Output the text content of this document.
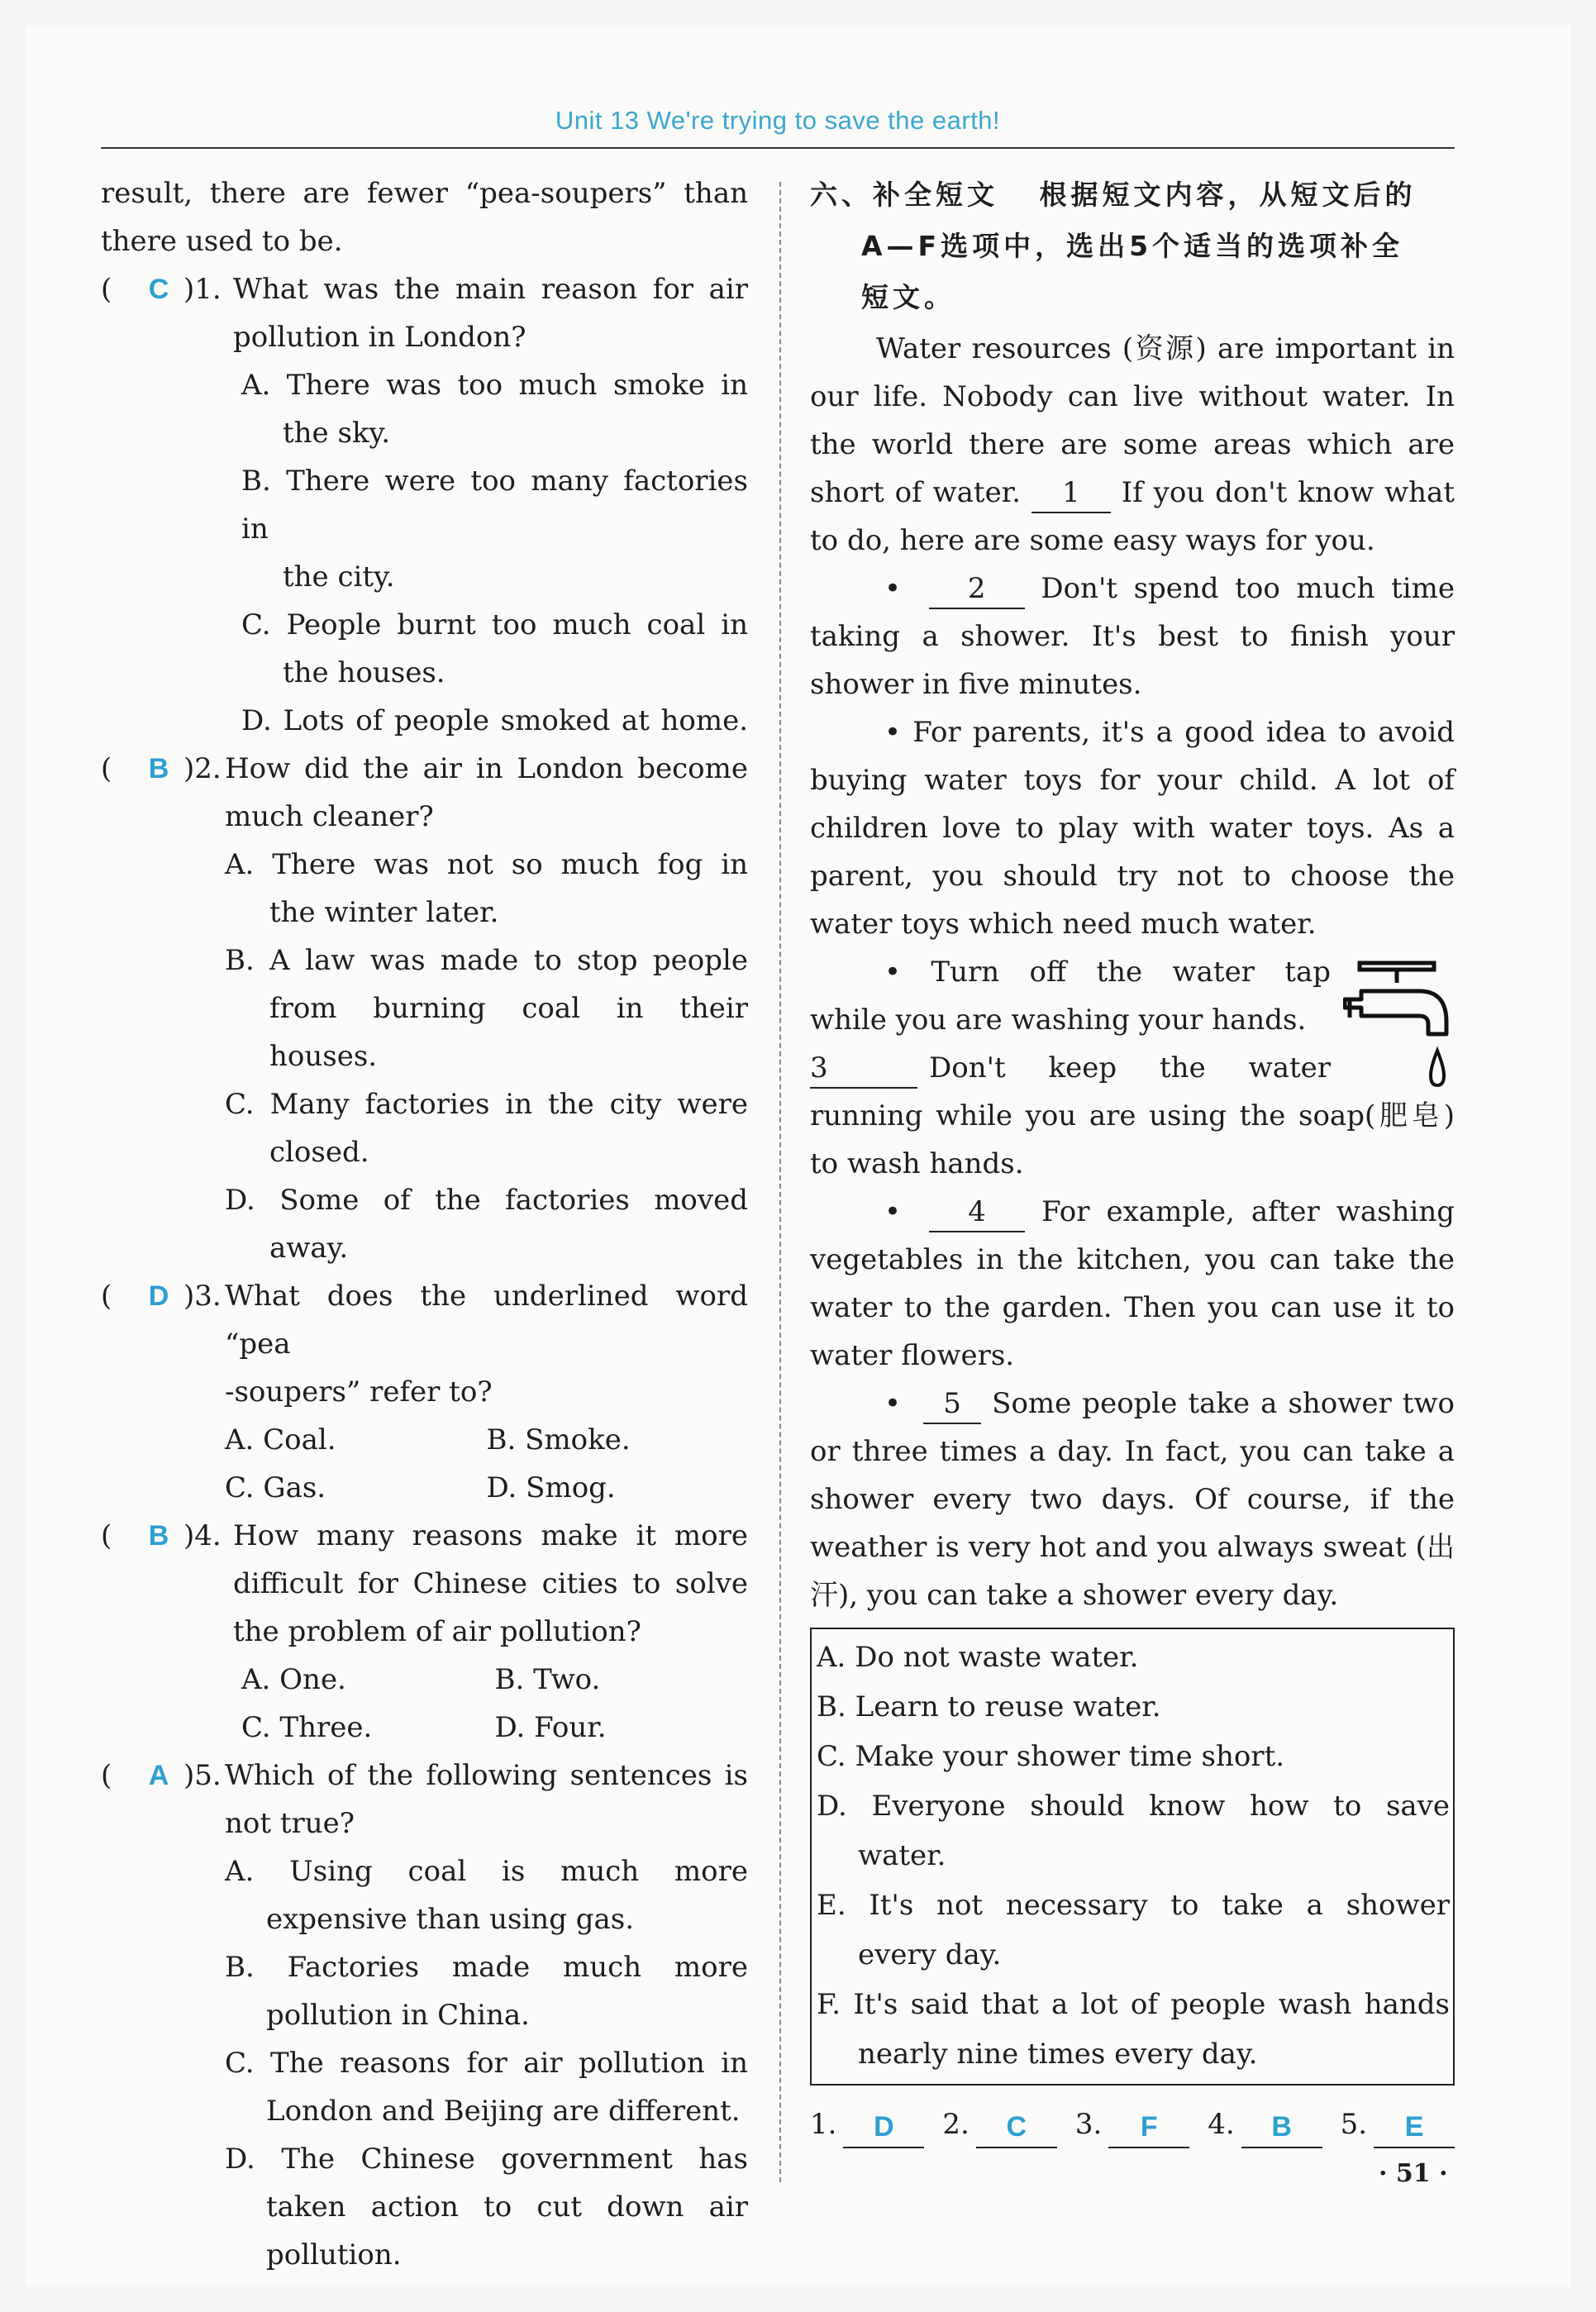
Unit 13 We're trying to save the earth!
result, there are fewer “pea-soupers” than
there used to be.
( C )1. What was the main reason for air
pollution in London?
A. There was too much smoke in
the sky.
B. There were too many factories in
the city.
C. People burnt too much coal in
the houses.
D. Lots of people smoked at home.
( B )2. How did the air in London become
much cleaner?
A. There was not so much fog in
the winter later.
B. A law was made to stop people
from burning coal in their
houses.
C. Many factories in the city were
closed.
D. Some of the factories moved
away.
( D )3. What does the underlined word “pea
-soupers” refer to?
A. Coal.	B. Smoke.
C. Gas.	D. Smog.
( B )4. How many reasons make it more
difficult for Chinese cities to solve
the problem of air pollution?
A. One.	B. Two.
C. Three.	D. Four.
( A )5. Which of the following sentences is
not true?
A. Using coal is much more
expensive than using gas.
B. Factories made much more
pollution in China.
C. The reasons for air pollution in
London and Beijing are different.
D. The Chinese government has
taken action to cut down air
pollution.
六、补全短文 根据短文内容，从短文后的
A—F选项中，选出5个适当的选项补全
短文。
Water resources (资源) are important in our life. Nobody can live without water. In the world there are some areas which are short of water. 1 If you don't know what to do, here are some easy ways for you.
• 2 Don't spend too much time taking a shower. It's best to finish your shower in five minutes.
• For parents, it's a good idea to avoid buying water toys for your child. A lot of children love to play with water toys. As a parent, you should try not to choose the water toys which need much water.
• Turn off the water tap
while you are washing your hands.
3	Don't keep the water
running while you are using the soap(肥皂) to wash hands.
• 4 For example, after washing vegetables in the kitchen, you can take the water to the garden. Then you can use it to water flowers.
• 5 Some people take a shower two or three times a day. In fact, you can take a shower every two days. Of course, if the weather is very hot and you always sweat (出汗), you can take a shower every day.
A. Do not waste water.
B. Learn to reuse water.
C. Make your shower time short.
D. Everyone should know how to save
water.
E. It's not necessary to take a shower
every day.
F. It's said that a lot of people wash hands
nearly nine times every day.
1.	D	2.	C	3.	F	4.	B	5.	E
· 51 ·
